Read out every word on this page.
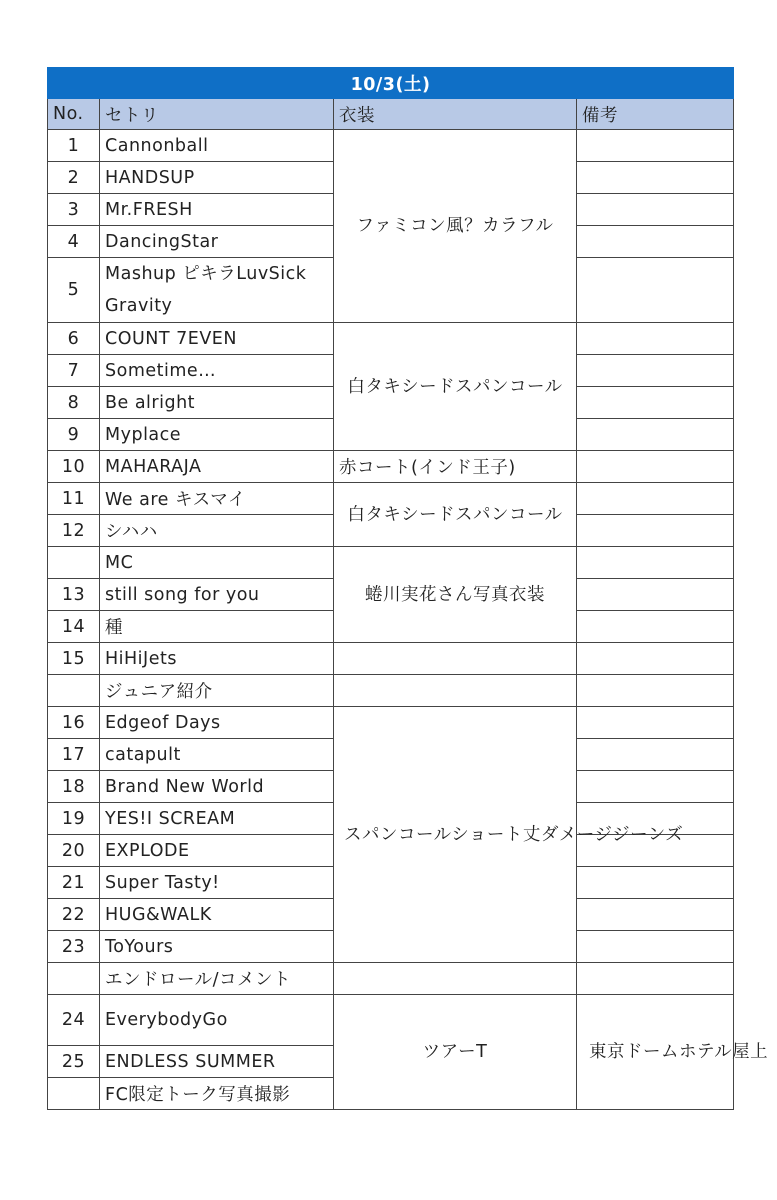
10/3(土)			
No.	セトリ	衣装	備考
1	Cannonball	ファミコン風？カラフル	
2	HANDSUP		
3	Mr.FRESH		
4	DancingStar		
5	Mashup ピキラLuvSick Gravity		

6	COUNT 7EVEN	白タキシードスパンコール	
7	Sometime…		
8	Be alright		
9	Myplace		
10	MAHARAJA	赤コート(インド王子)	
11	We are キスマイ	白タキシードスパンコール	
12	シハハ		
	MC	蜷川実花さん写真衣装	
13	still song for you		
14	種		
15	HiHiJets		
	ジュニア紹介		
16	Edgeof Days	スパンコールショート丈ダメージジーンズ	
17	catapult		
18	Brand New World		
19	YES!I SCREAM		
20	EXPLODE		
21	Super Tasty!		
22	HUG&WALK		
23	ToYours		
	エンドロール/コメント		
24	EverybodyGo	ツアーT	東京ドームホテル屋上
25	ENDLESS SUMMER		
	FC限定トーク写真撮影		
